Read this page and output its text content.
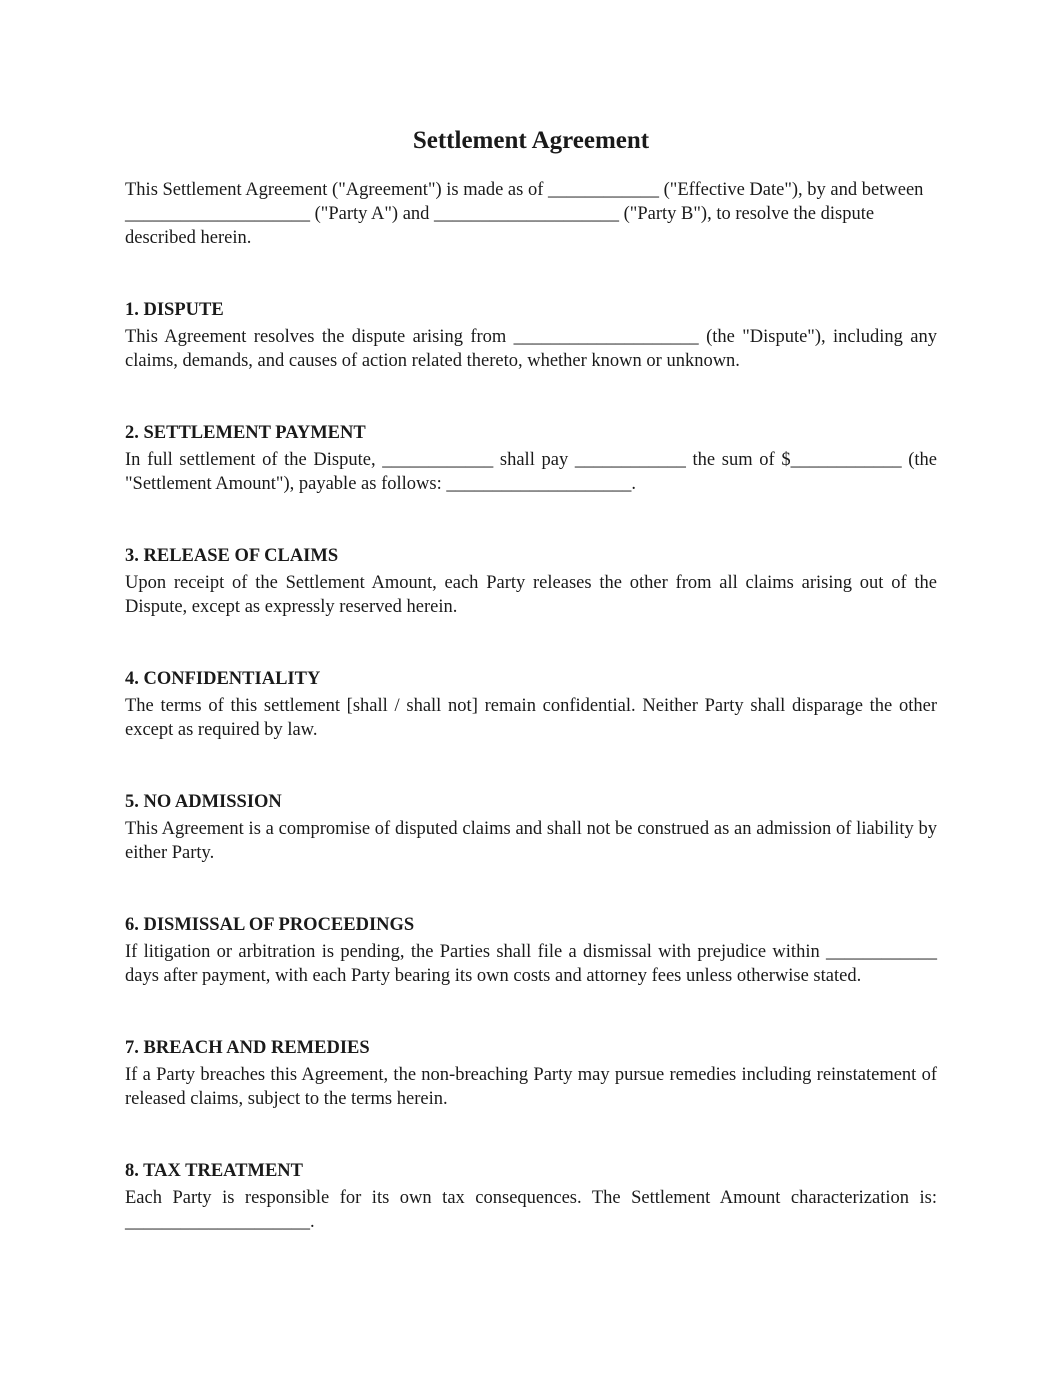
Settlement Agreement

This Settlement Agreement ("Agreement") is made as of ____________ ("Effective Date"), by and between ____________________ ("Party A") and ____________________ ("Party B"), to resolve the dispute described herein.

1. DISPUTE

This Agreement resolves the dispute arising from ____________________ (the "Dispute"), including any claims, demands, and causes of action related thereto, whether known or unknown.

2. SETTLEMENT PAYMENT

In full settlement of the Dispute, ____________ shall pay ____________ the sum of $____________ (the "Settlement Amount"), payable as follows: ____________________.

3. RELEASE OF CLAIMS

Upon receipt of the Settlement Amount, each Party releases the other from all claims arising out of the Dispute, except as expressly reserved herein.

4. CONFIDENTIALITY

The terms of this settlement [shall / shall not] remain confidential. Neither Party shall disparage the other except as required by law.

5. NO ADMISSION

This Agreement is a compromise of disputed claims and shall not be construed as an admission of liability by either Party.

6. DISMISSAL OF PROCEEDINGS

If litigation or arbitration is pending, the Parties shall file a dismissal with prejudice within ____________ days after payment, with each Party bearing its own costs and attorney fees unless otherwise stated.

7. BREACH AND REMEDIES

If a Party breaches this Agreement, the non-breaching Party may pursue remedies including reinstatement of released claims, subject to the terms herein.

8. TAX TREATMENT

Each Party is responsible for its own tax consequences. The Settlement Amount characterization is: ____________________.
